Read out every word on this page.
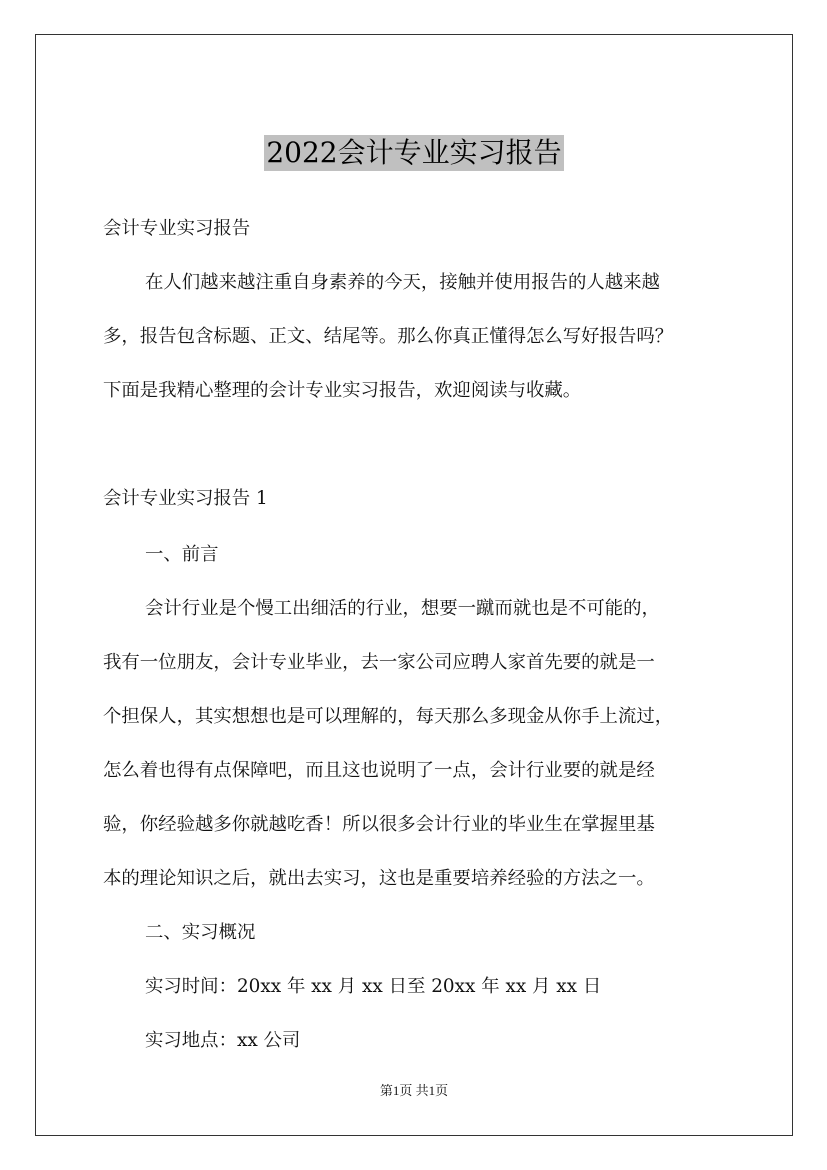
2022会计专业实习报告
会计专业实习报告
在人们越来越注重自身素养的今天，接触并使用报告的人越来越
多，报告包含标题、正文、结尾等。那么你真正懂得怎么写好报告吗？
下面是我精心整理的会计专业实习报告，欢迎阅读与收藏。
会计专业实习报告 1
一、前言
会计行业是个慢工出细活的行业，想要一蹴而就也是不可能的，
我有一位朋友，会计专业毕业，去一家公司应聘人家首先要的就是一
个担保人，其实想想也是可以理解的，每天那么多现金从你手上流过，
怎么着也得有点保障吧，而且这也说明了一点，会计行业要的就是经
验，你经验越多你就越吃香！所以很多会计行业的毕业生在掌握里基
本的理论知识之后，就出去实习，这也是重要培养经验的方法之一。
二、实习概况
实习时间：20xx 年 xx 月 xx 日至 20xx 年 xx 月 xx 日
实习地点：xx 公司
第1页 共1页
